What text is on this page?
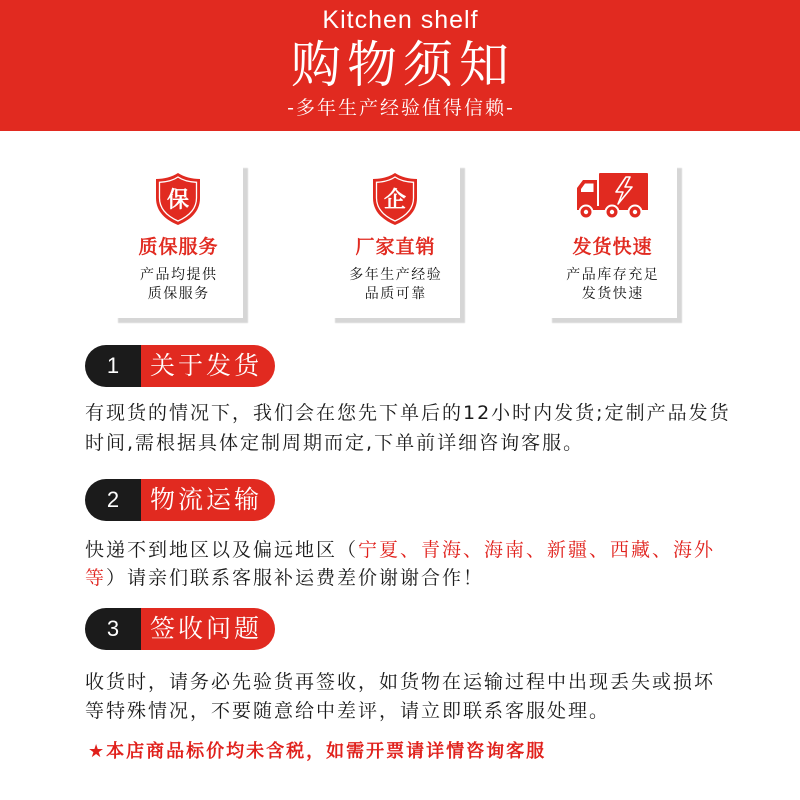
Kitchen shelf
购物须知
-多年生产经验值得信赖-
保
质保服务
产品均提供
质保服务
企
厂家直销
多年生产经验
品质可靠
发货快速
产品库存充足
发货快速
1	关于发货
有现货的情况下，我们会在您先下单后的12小时内发货;定制产品发货
时间,需根据具体定制周期而定,下单前详细咨询客服。
2	物流运输
快递不到地区以及偏远地区（宁夏、青海、海南、新疆、西藏、海外
等）请亲们联系客服补运费差价谢谢合作！
3	签收问题
收货时，请务必先验货再签收，如货物在运输过程中出现丢失或损坏
等特殊情况，不要随意给中差评，请立即联系客服处理。
★本店商品标价均未含税，如需开票请详情咨询客服
